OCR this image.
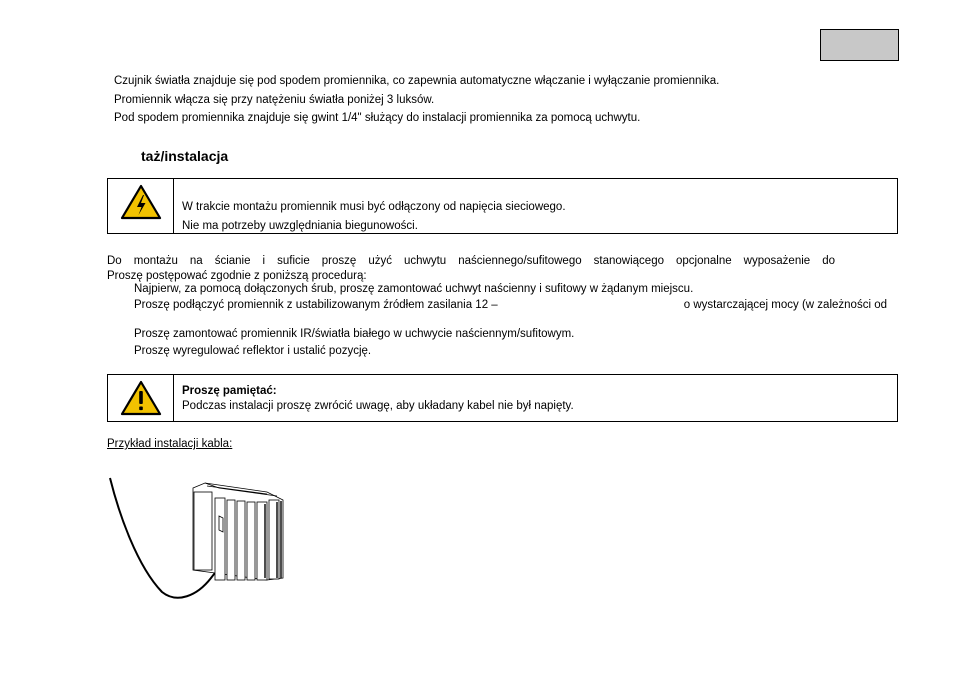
Czujnik światła znajduje się pod spodem promiennika, co zapewnia automatyczne włączanie i wyłączanie promiennika.

Promiennik włącza się przy natężeniu światła poniżej 3 luksów.

Pod spodem promiennika znajduje się gwint 1/4" służący do instalacji promiennika za pomocą uchwytu.

taż/instalacja

W trakcie montażu promiennik musi być odłączony od napięcia sieciowego.

Nie ma potrzeby uwzględniania biegunowości.

Do montażu na ścianie i suficie proszę użyć uchwytu naściennego/sufitowego stanowiącego opcjonalne wyposażenie do
Proszę postępować zgodnie z poniższą procedurą:
Najpierw, za pomocą dołączonych śrub, proszę zamontować uchwyt naścienny i sufitowy w żądanym miejscu.
Proszę podłączyć promiennik z ustabilizowanym źródłem zasilania 12 –	o wystarczającej mocy (w zależności od
Proszę zamontować promiennik IR/światła białego w uchwycie naściennym/sufitowym.
Proszę wyregulować reflektor i ustalić pozycję.

Proszę pamiętać:

Podczas instalacji proszę zwrócić uwagę, aby układany kabel nie był napięty.

Przykład instalacji kabla:
